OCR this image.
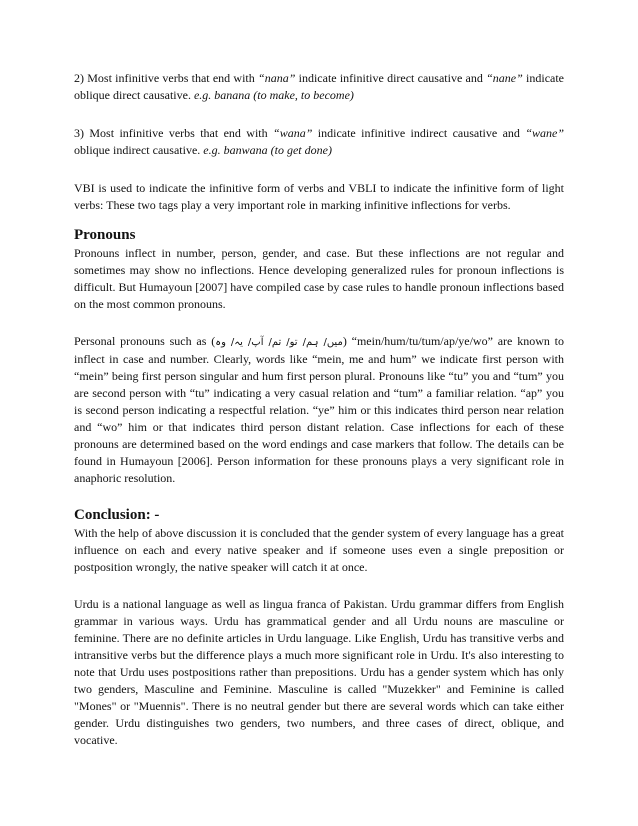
2) Most infinitive verbs that end with “nana” indicate infinitive direct causative and “nane” indicate oblique direct causative. e.g. banana (to make, to become)

3) Most infinitive verbs that end with “wana” indicate infinitive indirect causative and “wane” oblique indirect causative. e.g. banwana (to get done)

VBI is used to indicate the infinitive form of verbs and VBLI to indicate the infinitive form of light verbs: These two tags play a very important role in marking infinitive inflections for verbs.

Pronouns

Pronouns inflect in number, person, gender, and case. But these inflections are not regular and sometimes may show no inflections. Hence developing generalized rules for pronoun inflections is difficult. But Humayoun [2007] have compiled case by case rules to handle pronoun inflections based on the most common pronouns.

Personal pronouns such as (میں/ ہم/ تو/ تم/ آپ/ یہ/ وہ) “mein/hum/tu/tum/ap/ye/wo” are known to inflect in case and number. Clearly, words like “mein, me and hum” we indicate first person with “mein” being first person singular and hum first person plural. Pronouns like “tu” you and “tum” you are second person with “tu” indicating a very casual relation and “tum” a familiar relation. “ap” you is second person indicating a respectful relation. “ye” him or this indicates third person near relation and “wo” him or that indicates third person distant relation. Case inflections for each of these pronouns are determined based on the word endings and case markers that follow. The details can be found in Humayoun [2006]. Person information for these pronouns plays a very significant role in anaphoric resolution.

Conclusion: -

With the help of above discussion it is concluded that the gender system of every language has a great influence on each and every native speaker and if someone uses even a single preposition or postposition wrongly, the native speaker will catch it at once.

Urdu is a national language as well as lingua franca of Pakistan. Urdu grammar differs from English grammar in various ways. Urdu has grammatical gender and all Urdu nouns are masculine or feminine. There are no definite articles in Urdu language. Like English, Urdu has transitive verbs and intransitive verbs but the difference plays a much more significant role in Urdu. It's also interesting to note that Urdu uses postpositions rather than prepositions. Urdu has a gender system which has only two genders, Masculine and Feminine. Masculine is called "Muzekker" and Feminine is called "Mones" or "Muennis". There is no neutral gender but there are several words which can take either gender. Urdu distinguishes two genders, two numbers, and three cases of direct, oblique, and vocative.
